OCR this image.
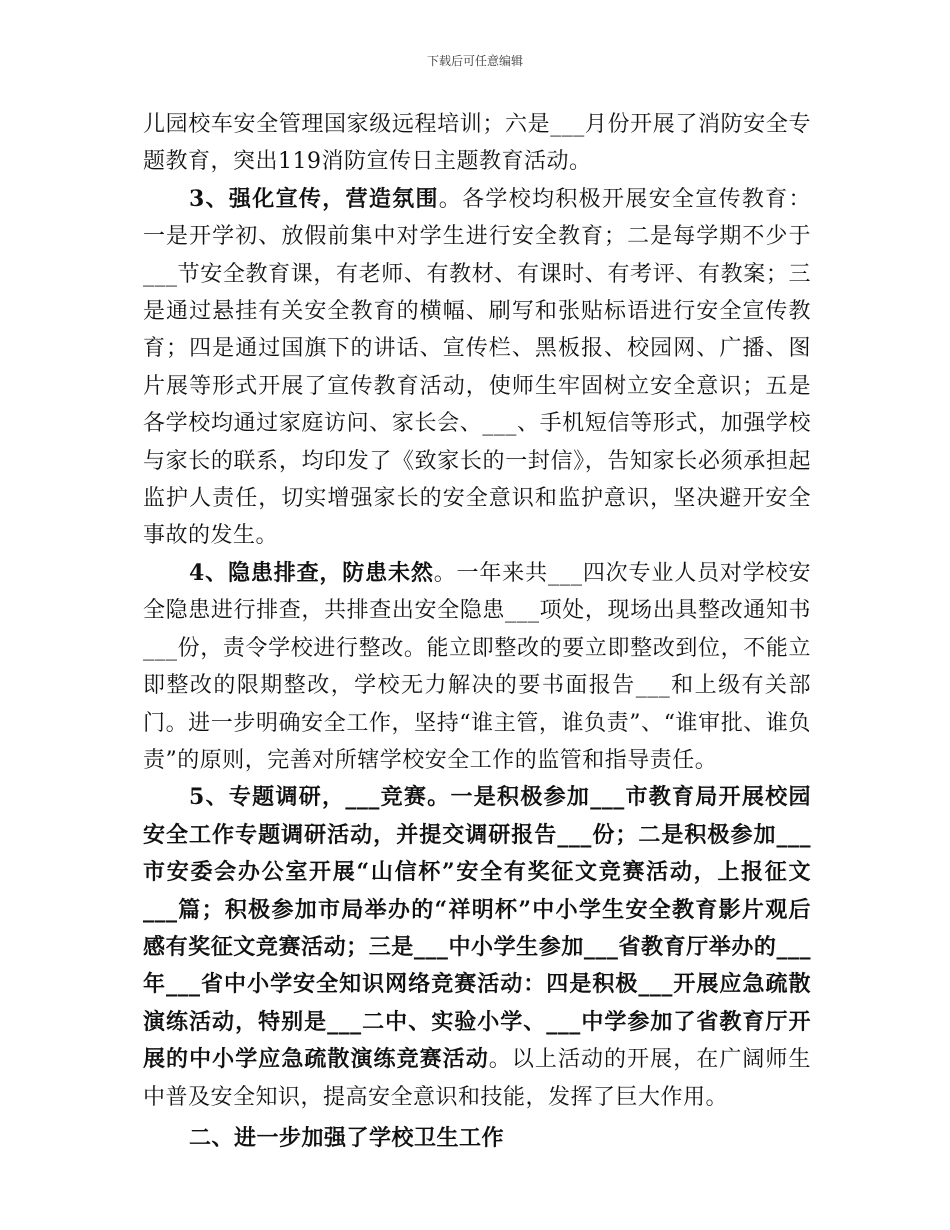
下载后可任意编辑

儿园校车安全管理国家级远程培训；六是___月份开展了消防安全专题教育，突出119消防宣传日主题教育活动。

3、强化宣传，营造氛围。各学校均积极开展安全宣传教育：一是开学初、放假前集中对学生进行安全教育；二是每学期不少于___节安全教育课，有老师、有教材、有课时、有考评、有教案；三是通过悬挂有关安全教育的横幅、刷写和张贴标语进行安全宣传教育；四是通过国旗下的讲话、宣传栏、黑板报、校园网、广播、图片展等形式开展了宣传教育活动，使师生牢固树立安全意识；五是各学校均通过家庭访问、家长会、___、手机短信等形式，加强学校与家长的联系，均印发了《致家长的一封信》，告知家长必须承担起监护人责任，切实增强家长的安全意识和监护意识，坚决避开安全事故的发生。

4、隐患排查，防患未然。一年来共___四次专业人员对学校安全隐患进行排查，共排查出安全隐患___项处，现场出具整改通知书___份，责令学校进行整改。能立即整改的要立即整改到位，不能立即整改的限期整改，学校无力解决的要书面报告___和上级有关部门。进一步明确安全工作，坚持“谁主管，谁负责”、“谁审批、谁负责”的原则，完善对所辖学校安全工作的监管和指导责任。

5、专题调研，___竞赛。一是积极参加___市教育局开展校园安全工作专题调研活动，并提交调研报告___份；二是积极参加___市安委会办公室开展“山信杯”安全有奖征文竞赛活动，上报征文___篇；积极参加市局举办的“祥明杯”中小学生安全教育影片观后感有奖征文竞赛活动；三是___中小学生参加___省教育厅举办的___年___省中小学安全知识网络竞赛活动：四是积极___开展应急疏散演练活动，特别是___二中、实验小学、___中学参加了省教育厅开展的中小学应急疏散演练竞赛活动。以上活动的开展，在广阔师生中普及安全知识，提高安全意识和技能，发挥了巨大作用。

二、进一步加强了学校卫生工作
